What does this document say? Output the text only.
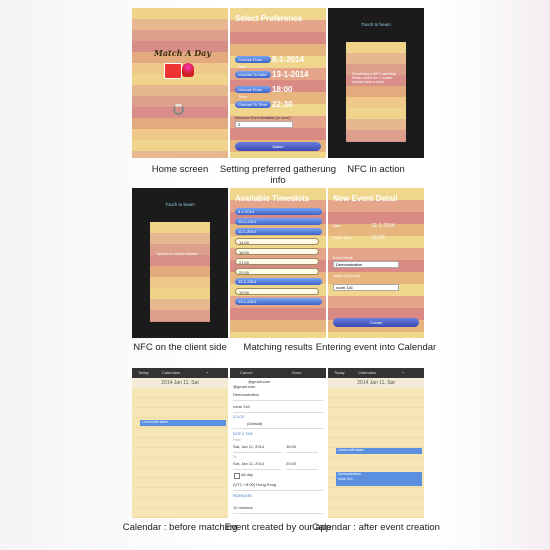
Match A Day
Home screen
Select Preference
Choose From Date
8-1-2014
Choose To Date 13-1-2014
Choose From Time
18:00
Choose To Time 22:30
Minimum Event Available (in hour)?
2
Match
Setting preferred gatherung info
Touch to beam
Forwarding to NFC matching. Please attach the 2 mobile devices back to back
NFC in action
Touch to beam
Tap here to accept invitation
NFC on the client side
Available Timeslots
8-1-2014
10-1-2014
11-1-2014
14:00
16:00
21:00
22:00
12-1-2014
19:00
13-1-2014
Matching results
New Event Detail
Date	11-1-2014
Event Time	16:00
Event Name
Demonstration
Venue (Optional)
room 116
Create
Entering event into Calendar
Today	Calendars	+
2014 Jan 11, Sat
Lunch with sister
Calendar : before matching
Cancel	Done
@gmail.com
@gmail.com
Demonstration
room 116
COLOR
(Default)
DATE & TIME
From
Sat, Jan 11, 2014	16:00
To
Sat, Jan 11, 2014	20:00
All day
(UTC +8:00) Hong Kong
REMINDERS
10 minutes
Event created by our app
Today	Calendars	+
2014 Jan 11, Sat
Lunch with sister
Demonstration
room 116
Calendar : after event creation
